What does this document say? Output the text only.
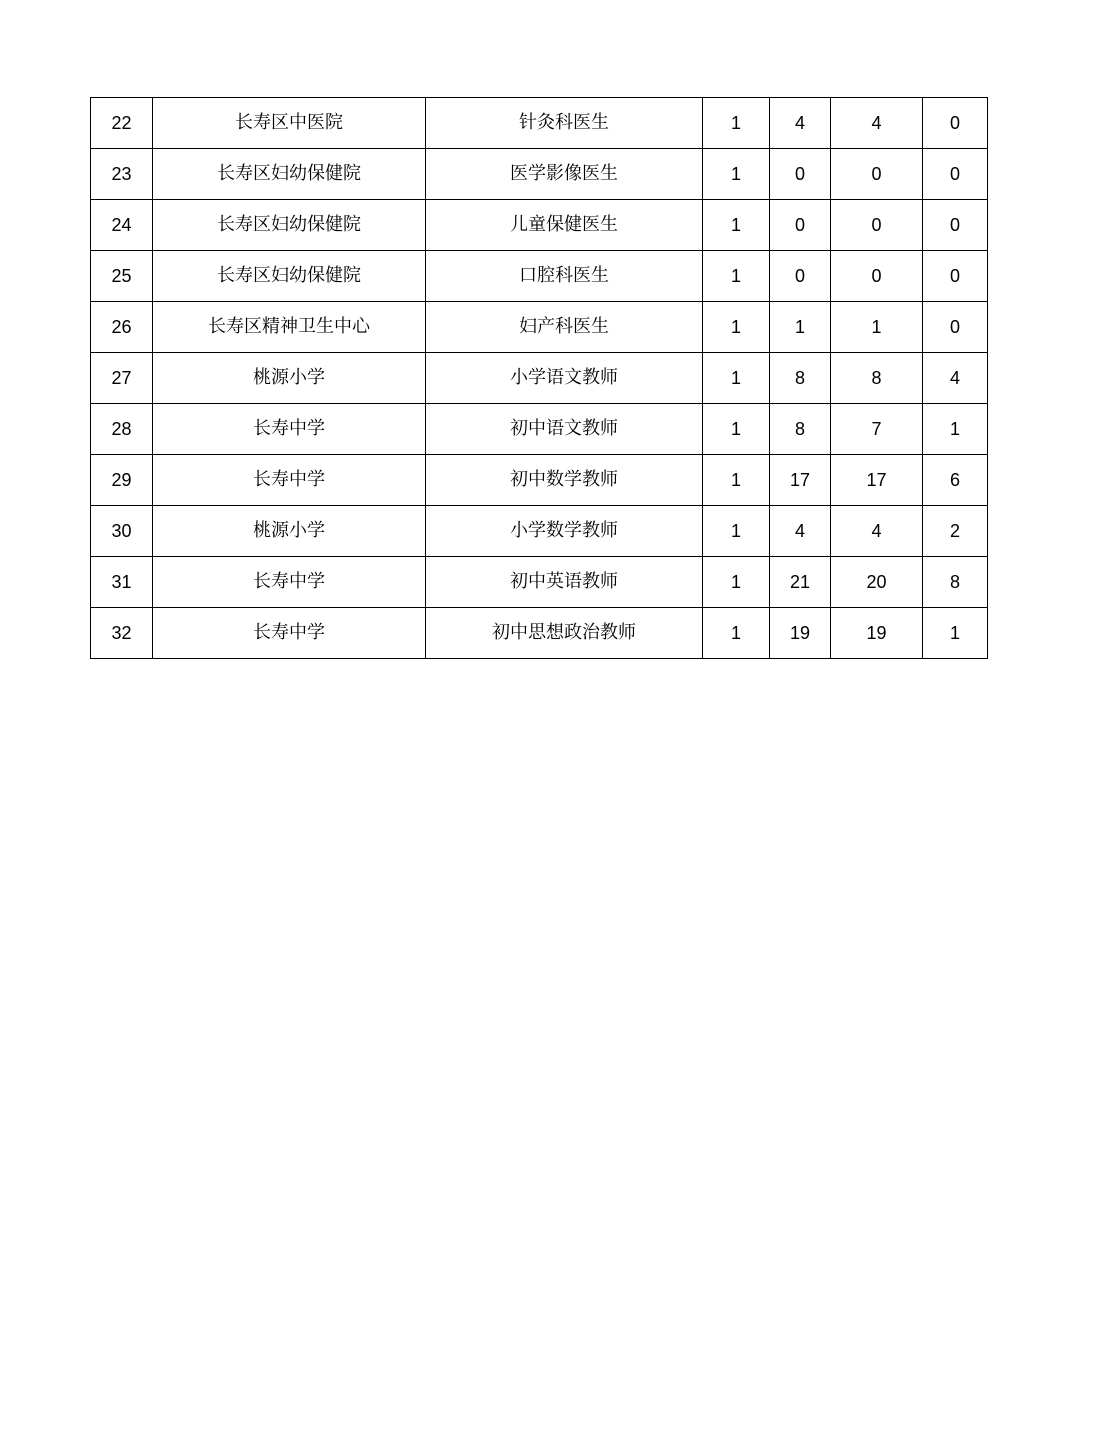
22	长寿区中医院	针灸科医生	1	4	4	0
23	长寿区妇幼保健院	医学影像医生	1	0	0	0
24	长寿区妇幼保健院	儿童保健医生	1	0	0	0
25	长寿区妇幼保健院	口腔科医生	1	0	0	0
26	长寿区精神卫生中心	妇产科医生	1	1	1	0
27	桃源小学	小学语文教师	1	8	8	4
28	长寿中学	初中语文教师	1	8	7	1
29	长寿中学	初中数学教师	1	17	17	6
30	桃源小学	小学数学教师	1	4	4	2
31	长寿中学	初中英语教师	1	21	20	8
32	长寿中学	初中思想政治教师	1	19	19	1
